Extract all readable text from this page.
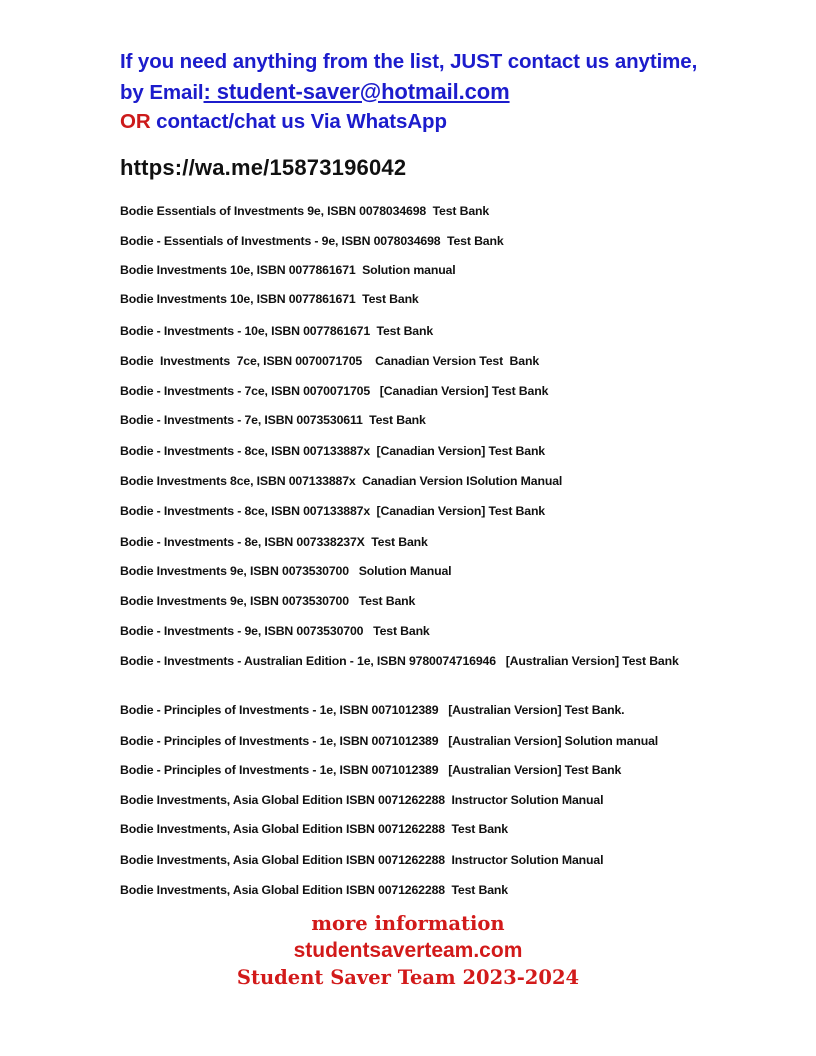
If you need anything from the list, JUST contact us anytime,
by Email: student-saver@hotmail.com
OR contact/chat us Via WhatsApp
https://wa.me/15873196042
Bodie Essentials of Investments 9e, ISBN 0078034698  Test Bank
Bodie - Essentials of Investments - 9e, ISBN 0078034698  Test Bank
Bodie Investments 10e, ISBN 0077861671  Solution manual
Bodie Investments 10e, ISBN 0077861671  Test Bank
Bodie - Investments - 10e, ISBN 0077861671  Test Bank
Bodie  Investments  7ce, ISBN 0070071705    Canadian Version Test  Bank
Bodie - Investments - 7ce, ISBN 0070071705   [Canadian Version] Test Bank
Bodie - Investments - 7e, ISBN 0073530611  Test Bank
Bodie - Investments - 8ce, ISBN 007133887x  [Canadian Version] Test Bank
Bodie Investments 8ce, ISBN 007133887x  Canadian Version ISolution Manual
Bodie - Investments - 8ce, ISBN 007133887x  [Canadian Version] Test Bank
Bodie - Investments - 8e, ISBN 007338237X  Test Bank
Bodie Investments 9e, ISBN 0073530700   Solution Manual
Bodie Investments 9e, ISBN 0073530700   Test Bank
Bodie - Investments - 9e, ISBN 0073530700   Test Bank
Bodie - Investments - Australian Edition - 1e, ISBN 9780074716946   [Australian Version] Test Bank
Bodie - Principles of Investments - 1e, ISBN 0071012389   [Australian Version] Test Bank.
Bodie - Principles of Investments - 1e, ISBN 0071012389   [Australian Version] Solution manual
Bodie - Principles of Investments - 1e, ISBN 0071012389   [Australian Version] Test Bank
Bodie Investments, Asia Global Edition ISBN 0071262288  Instructor Solution Manual
Bodie Investments, Asia Global Edition ISBN 0071262288  Test Bank
Bodie Investments, Asia Global Edition ISBN 0071262288  Instructor Solution Manual
Bodie Investments, Asia Global Edition ISBN 0071262288  Test Bank
more information
studentsaverteam.com
Student Saver Team 2023-2024
